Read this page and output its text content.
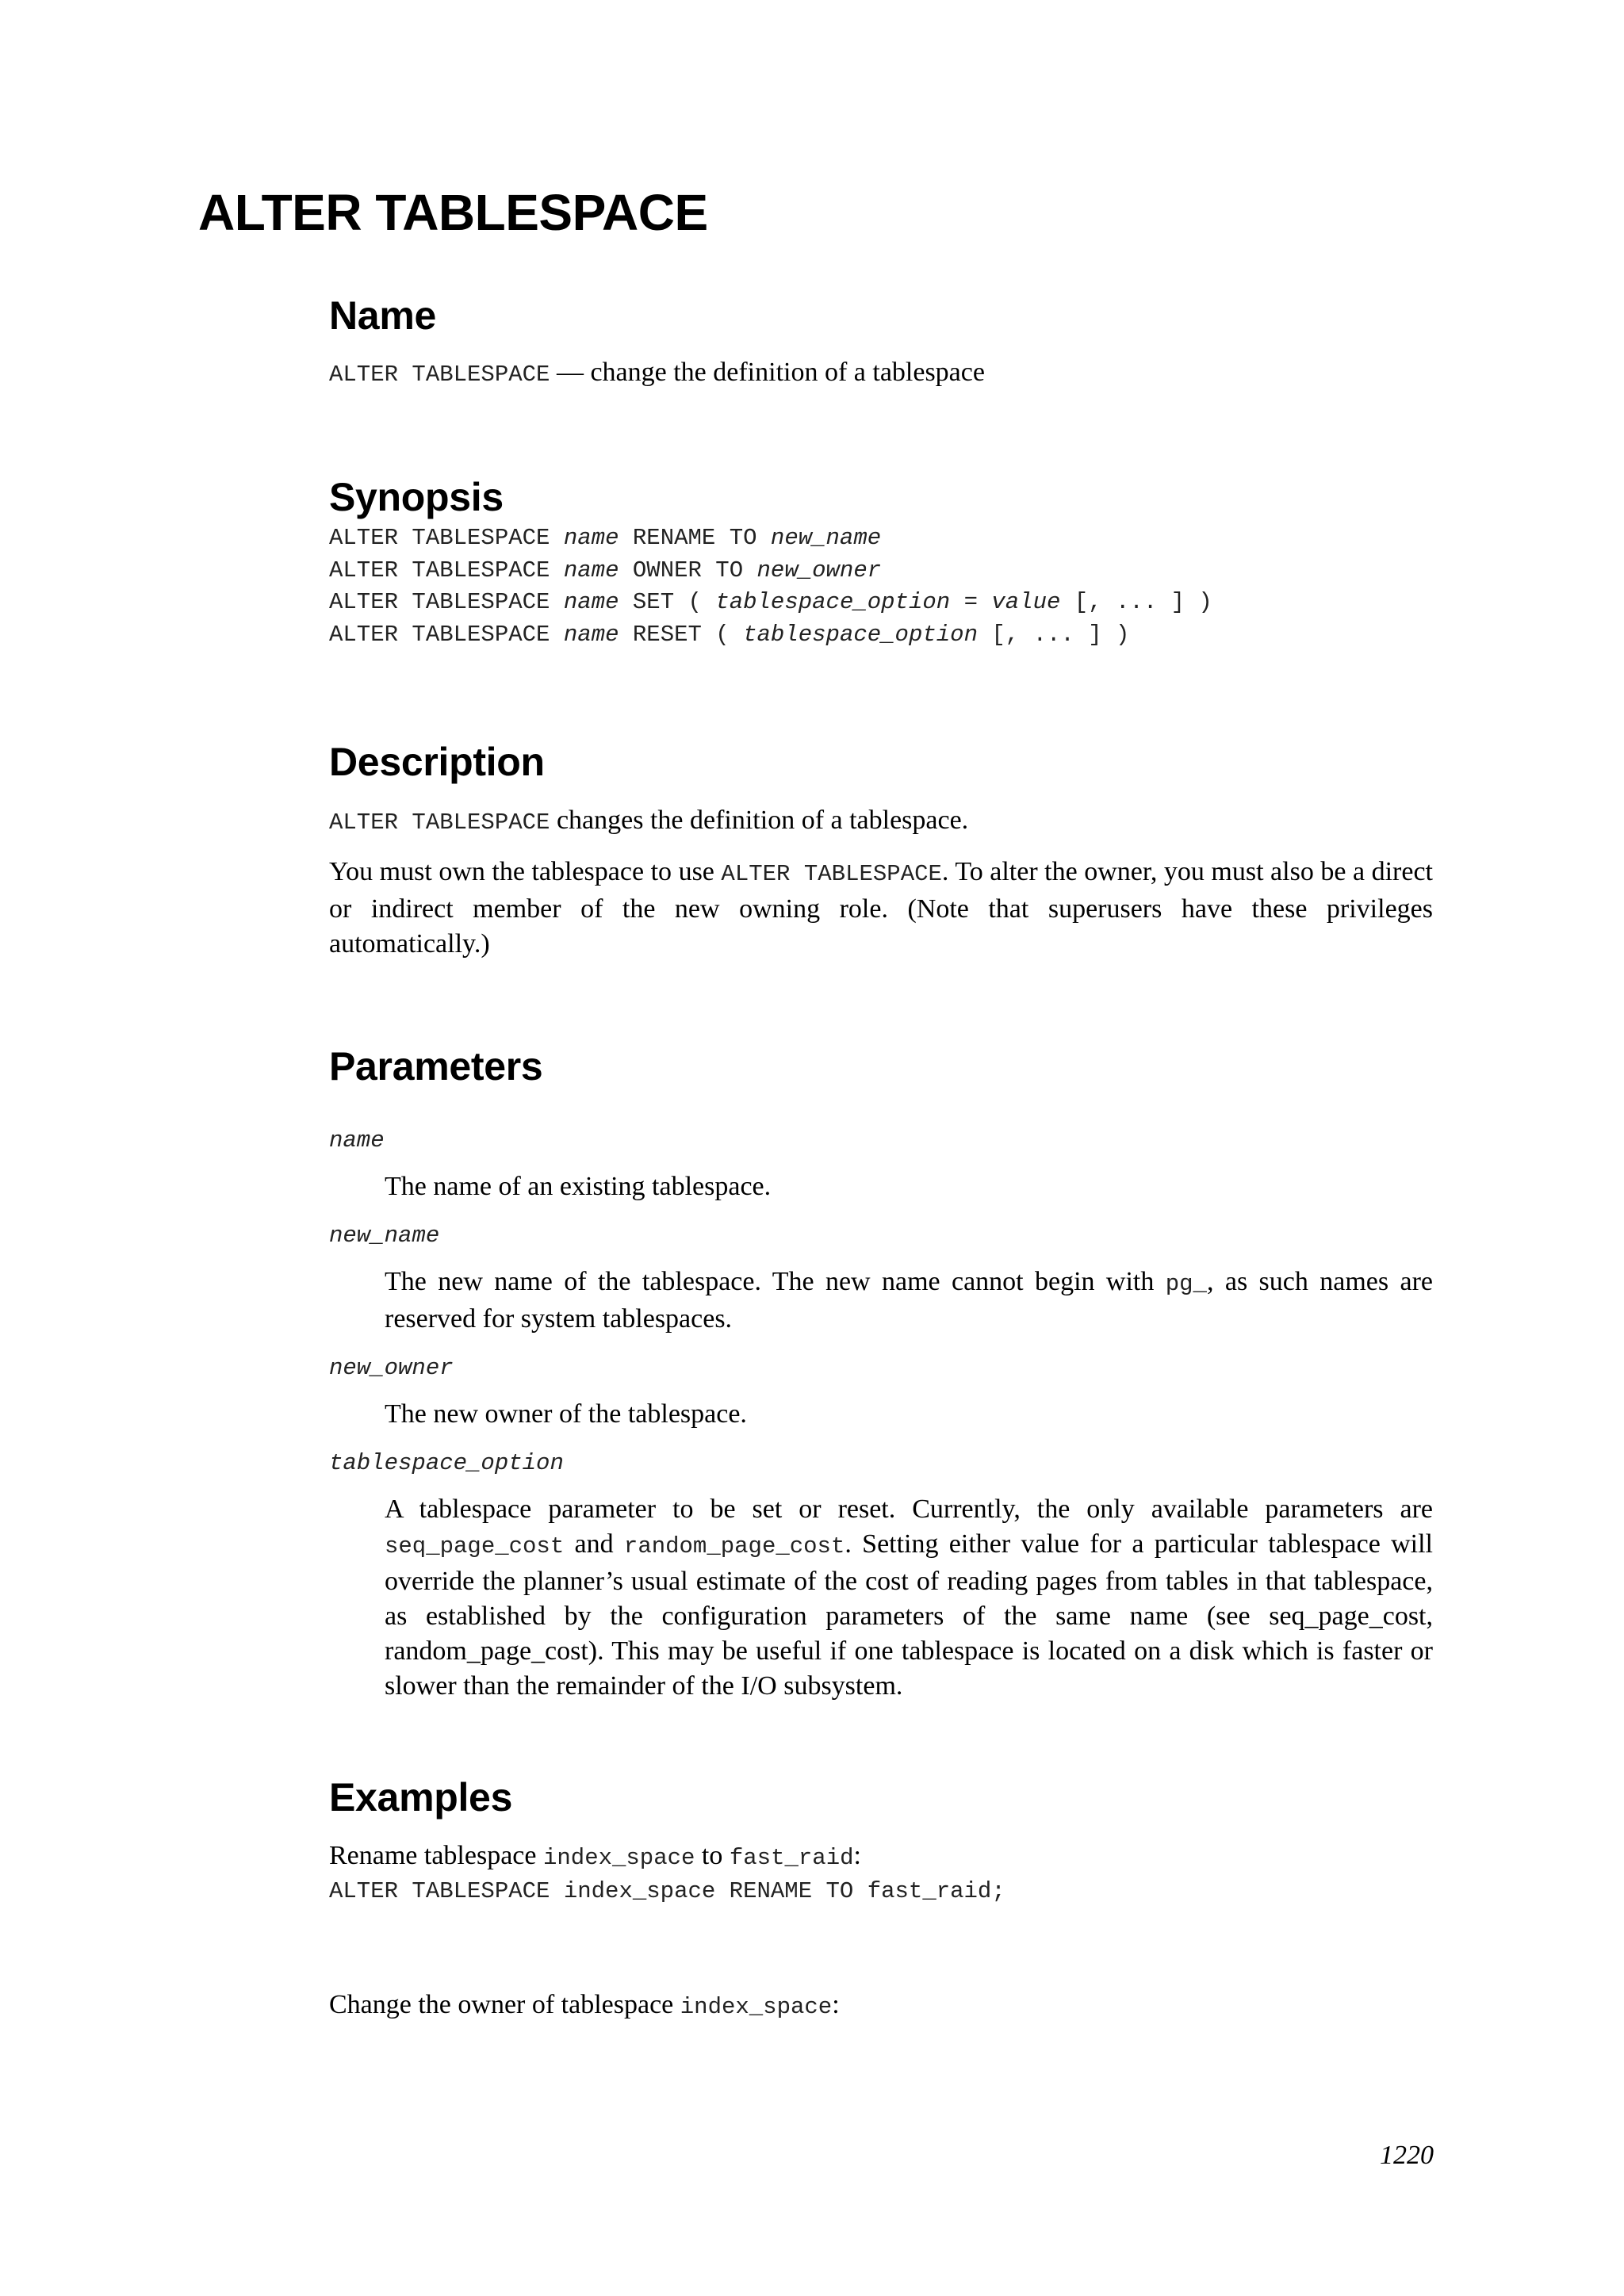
ALTER TABLESPACE
Name

ALTER TABLESPACE — change the definition of a tablespace

Synopsis
ALTER TABLESPACE name RENAME TO new_name
ALTER TABLESPACE name OWNER TO new_owner
ALTER TABLESPACE name SET ( tablespace_option = value [, ... ] )
ALTER TABLESPACE name RESET ( tablespace_option [, ... ] )
Description

ALTER TABLESPACE changes the definition of a tablespace.

You must own the tablespace to use ALTER TABLESPACE. To alter the owner, you must also be a direct or indirect member of the new owning role. (Note that superusers have these privileges automatically.)

Parameters
name
The name of an existing tablespace.
new_name
The new name of the tablespace. The new name cannot begin with pg_, as such names are reserved for system tablespaces.
new_owner
The new owner of the tablespace.
tablespace_option
A tablespace parameter to be set or reset. Currently, the only available parameters are seq_page_cost and random_page_cost. Setting either value for a particular tablespace will override the planner’s usual estimate of the cost of reading pages from tables in that tablespace, as established by the configuration parameters of the same name (see seq_page_cost, random_page_cost). This may be useful if one tablespace is located on a disk which is faster or slower than the remainder of the I/O subsystem.
Examples

Rename tablespace index_space to fast_raid:

ALTER TABLESPACE index_space RENAME TO fast_raid;

Change the owner of tablespace index_space:

1220
